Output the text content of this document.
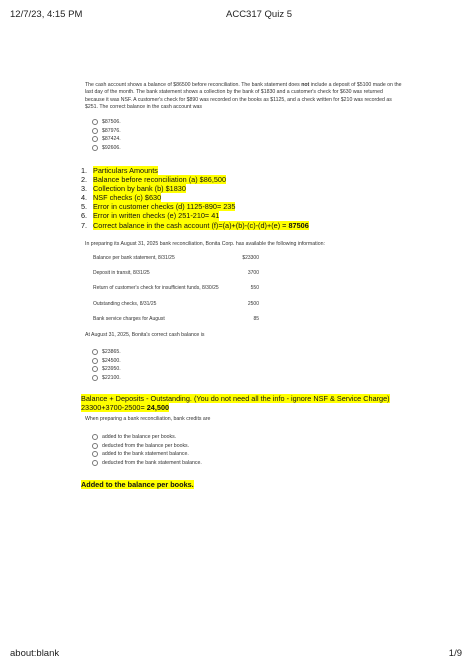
12/7/23, 4:15 PM	ACC317 Quiz 5
The cash account shows a balance of $86500 before reconciliation. The bank statement does not include a deposit of $5100 made on the last day of the month. The bank statement shows a collection by the bank of $1830 and a customer's check for $630 was returned because it was NSF. A customer's check for $890 was recorded on the books as $1125, and a check written for $210 was recorded as $251. The correct balance in the cash account was
$87506.
$87976.
$87424.
$92606.
1. Particulars Amounts
2. Balance before reconciliation (a) $86,500
3. Collection by bank (b) $1830
4. NSF checks (c) $630
5. Error in customer checks (d) 1125-890= 235
6. Error in written checks (e) 251-210= 41
7. Correct balance in the cash account (f)=(a)+(b)-(c)-(d)+(e) = 87506
In preparing its August 31, 2025 bank reconciliation, Bonita Corp. has available the following information:
Balance per bank statement, 8/31/25	$23300
Deposit in transit, 8/31/25	3700
Return of customer's check for insufficient funds, 8/30/25	550
Outstanding checks, 8/31/25	2500
Bank service charges for August	85
At August 31, 2025, Bonita's correct cash balance is
$23865.
$24500.
$23950.
$22100.
Balance + Deposits - Outstanding. (You do not need all the info - ignore NSF & Service Charge)
23300+3700-2500= 24,500
When preparing a bank reconciliation, bank credits are
added to the balance per books.
deducted from the balance per books.
added to the bank statement balance.
deducted from the bank statement balance.
Added to the balance per books.
about:blank	1/9
